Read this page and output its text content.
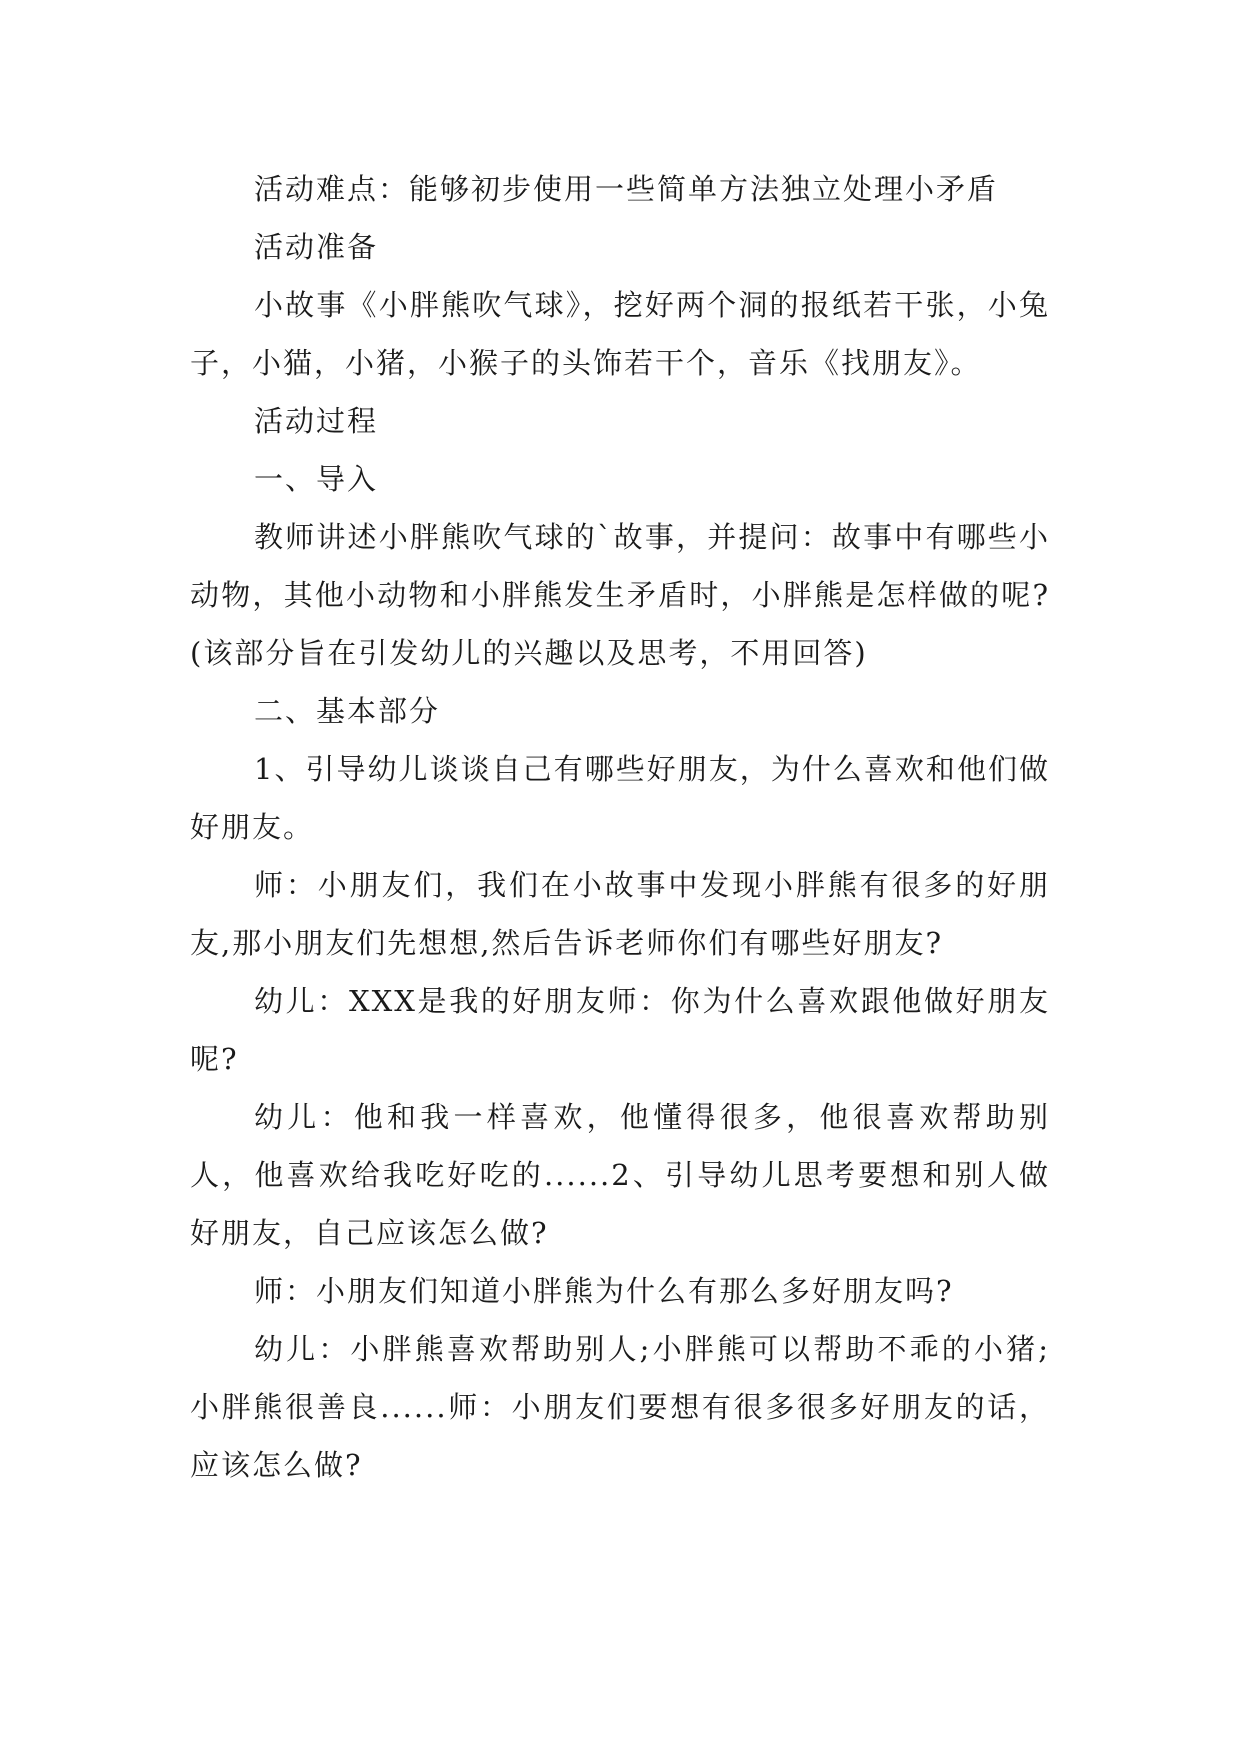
活动难点：能够初步使用一些简单方法独立处理小矛盾

活动准备

小故事《小胖熊吹气球》，挖好两个洞的报纸若干张，小兔子，小猫，小猪，小猴子的头饰若干个，音乐《找朋友》。

活动过程

一、导入

教师讲述小胖熊吹气球的`故事，并提问：故事中有哪些小动物，其他小动物和小胖熊发生矛盾时，小胖熊是怎样做的呢?(该部分旨在引发幼儿的兴趣以及思考，不用回答)

二、基本部分

1、引导幼儿谈谈自己有哪些好朋友，为什么喜欢和他们做好朋友。

师：小朋友们，我们在小故事中发现小胖熊有很多的好朋友,那小朋友们先想想,然后告诉老师你们有哪些好朋友?

幼儿：XXX是我的好朋友师：你为什么喜欢跟他做好朋友呢?

幼儿：他和我一样喜欢，他懂得很多，他很喜欢帮助别人，他喜欢给我吃好吃的......2、引导幼儿思考要想和别人做好朋友，自己应该怎么做?

师：小朋友们知道小胖熊为什么有那么多好朋友吗?

幼儿：小胖熊喜欢帮助别人;小胖熊可以帮助不乖的小猪;小胖熊很善良......师：小朋友们要想有很多很多好朋友的话，应该怎么做?
